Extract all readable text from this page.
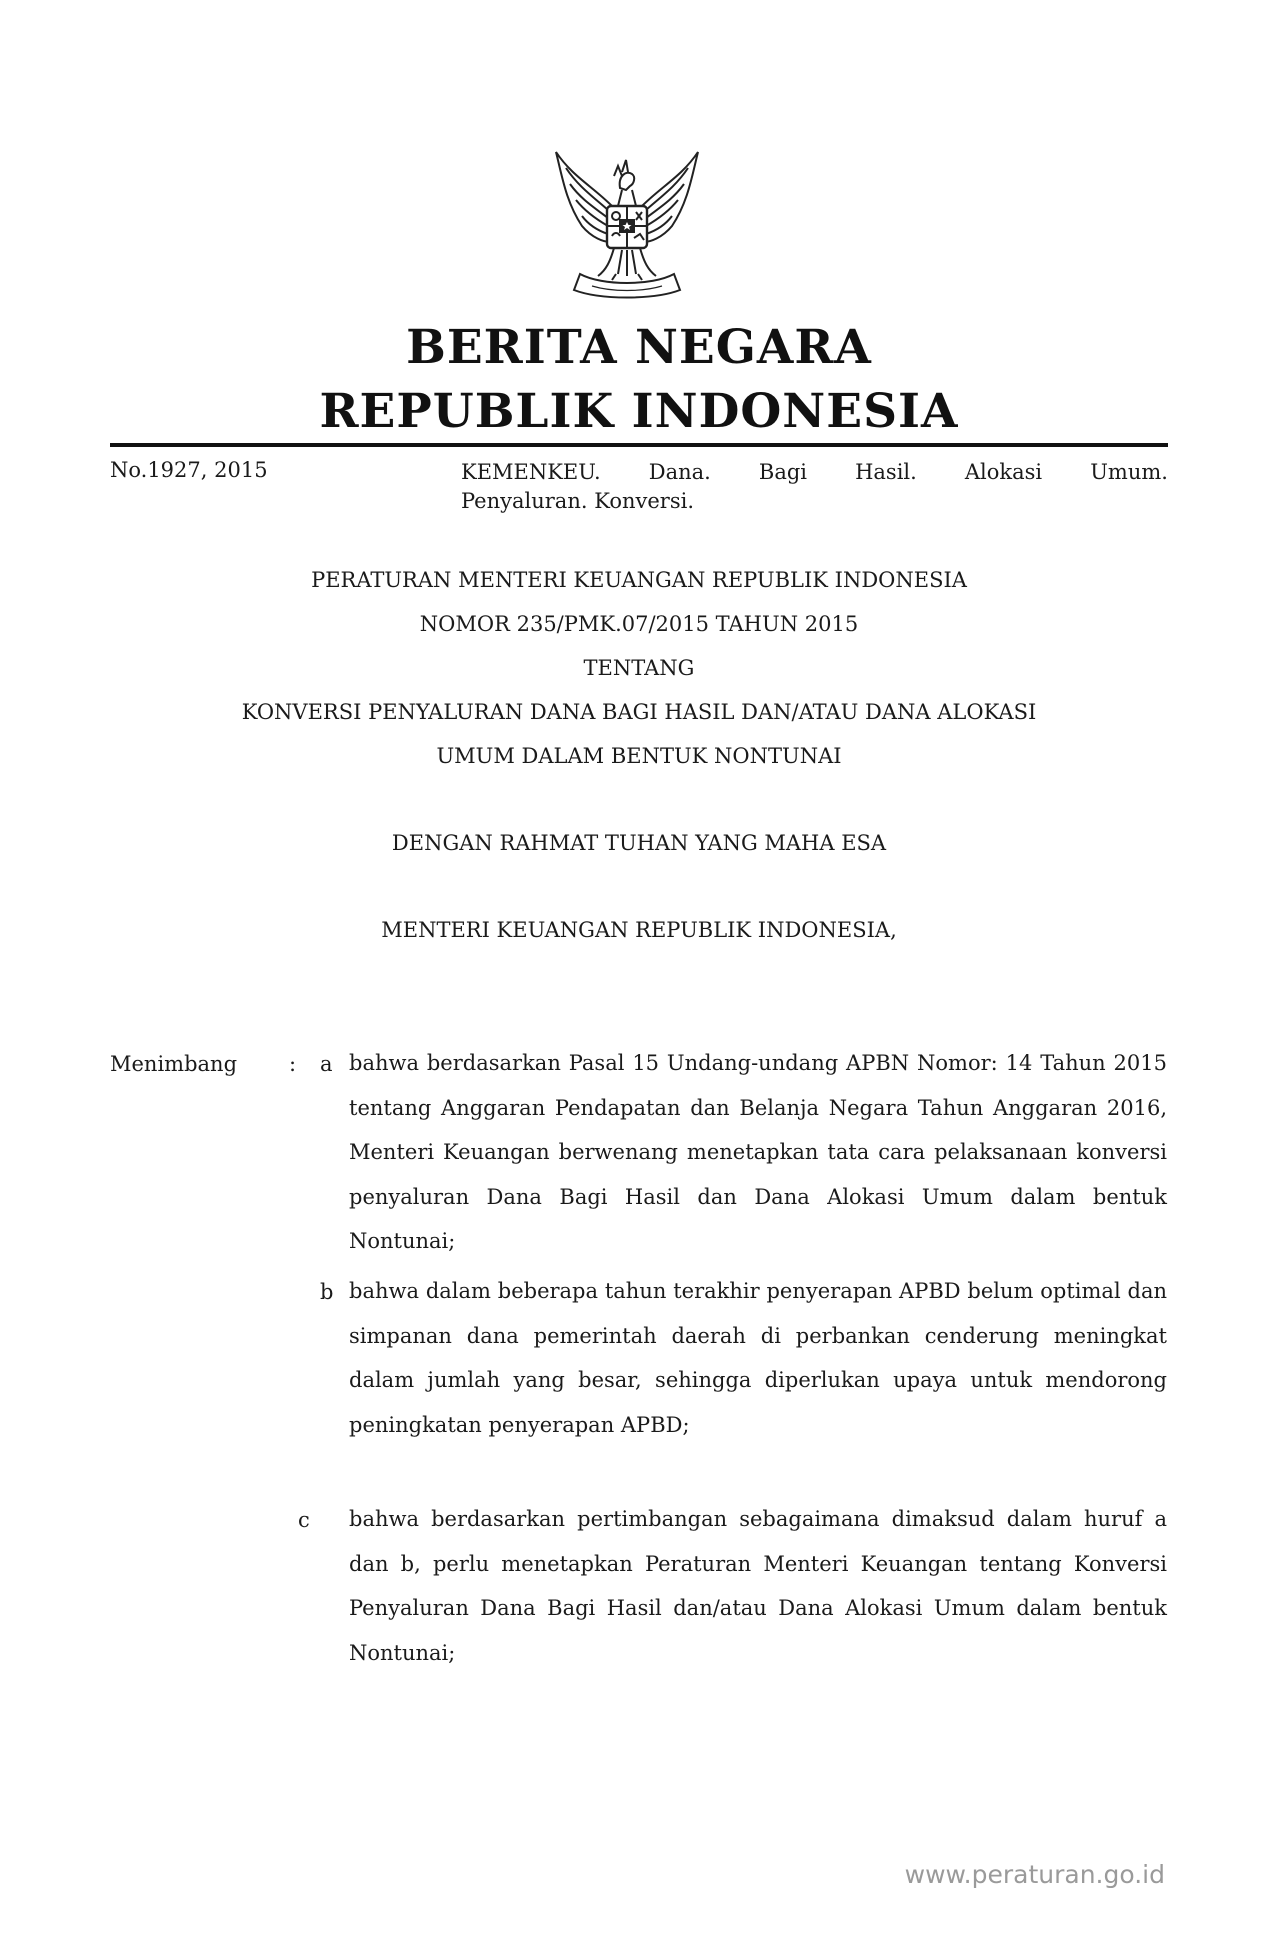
BERITA NEGARA
REPUBLIK INDONESIA
No.1927, 2015	KEMENKEU. Dana. Bagi Hasil. Alokasi Umum.
Penyaluran. Konversi.
PERATURAN MENTERI KEUANGAN REPUBLIK INDONESIA
NOMOR 235/PMK.07/2015 TAHUN 2015
TENTANG
KONVERSI PENYALURAN DANA BAGI HASIL DAN/ATAU DANA ALOKASI
UMUM DALAM BENTUK NONTUNAI
DENGAN RAHMAT TUHAN YANG MAHA ESA
MENTERI KEUANGAN REPUBLIK INDONESIA,
Menimbang : a bahwa berdasarkan Pasal 15 Undang-undang APBN Nomor: 14 Tahun 2015 tentang Anggaran Pendapatan dan Belanja Negara Tahun Anggaran 2016, Menteri Keuangan berwenang menetapkan tata cara pelaksanaan konversi penyaluran Dana Bagi Hasil dan Dana Alokasi Umum dalam bentuk Nontunai;
b bahwa dalam beberapa tahun terakhir penyerapan APBD belum optimal dan simpanan dana pemerintah daerah di perbankan cenderung meningkat dalam jumlah yang besar, sehingga diperlukan upaya untuk mendorong peningkatan penyerapan APBD;
c bahwa berdasarkan pertimbangan sebagaimana dimaksud dalam huruf a dan b, perlu menetapkan Peraturan Menteri Keuangan tentang Konversi Penyaluran Dana Bagi Hasil dan/atau Dana Alokasi Umum dalam bentuk Nontunai;
www.peraturan.go.id
